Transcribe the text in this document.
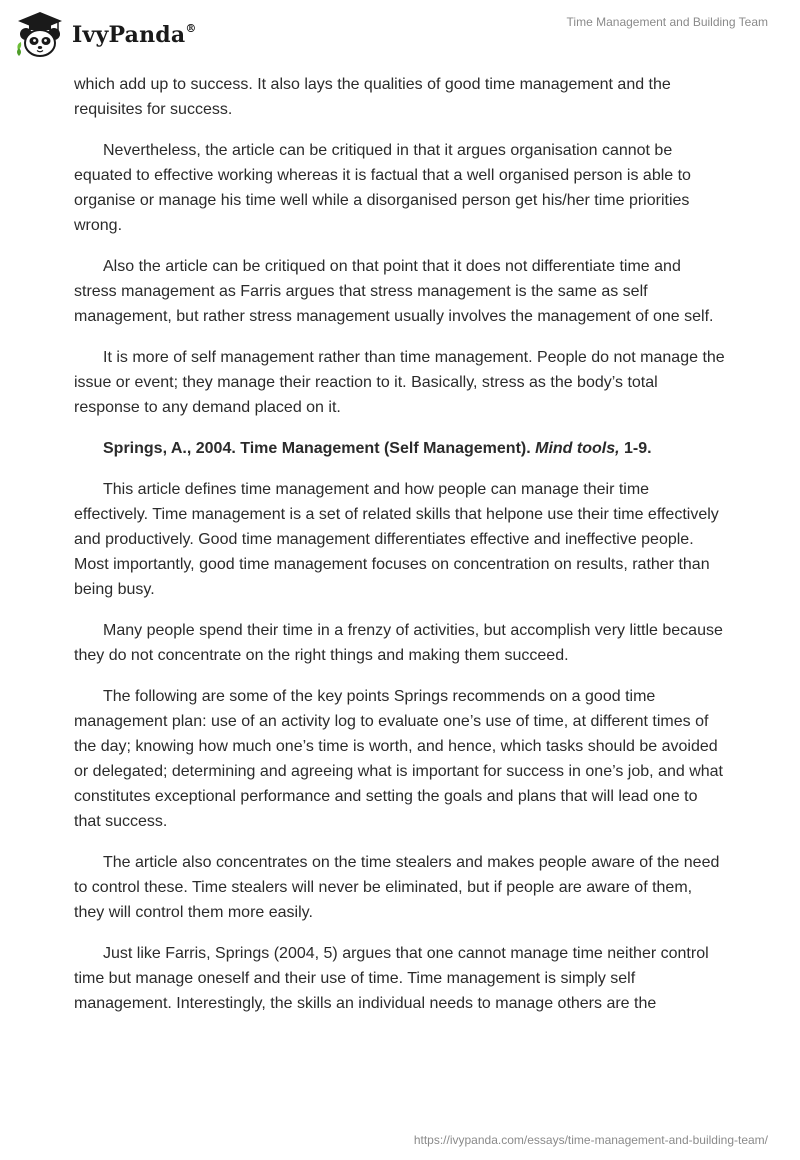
IvyPanda®	Time Management and Building Team

which add up to success. It also lays the qualities of good time management and the requisites for success.

Nevertheless, the article can be critiqued in that it argues organisation cannot be equated to effective working whereas it is factual that a well organised person is able to organise or manage his time well while a disorganised person get his/her time priorities wrong.

Also the article can be critiqued on that point that it does not differentiate time and stress management as Farris argues that stress management is the same as self management, but rather stress management usually involves the management of one self.

It is more of self management rather than time management. People do not manage the issue or event; they manage their reaction to it. Basically, stress as the body’s total response to any demand placed on it.

Springs, A., 2004. Time Management (Self Management). Mind tools, 1-9.

This article defines time management and how people can manage their time effectively. Time management is a set of related skills that helpone use their time effectively and productively. Good time management differentiates effective and ineffective people. Most importantly, good time management focuses on concentration on results, rather than being busy.

Many people spend their time in a frenzy of activities, but accomplish very little because they do not concentrate on the right things and making them succeed.

The following are some of the key points Springs recommends on a good time management plan: use of an activity log to evaluate one’s use of time, at different times of the day; knowing how much one’s time is worth, and hence, which tasks should be avoided or delegated; determining and agreeing what is important for success in one’s job, and what constitutes exceptional performance and setting the goals and plans that will lead one to that success.

The article also concentrates on the time stealers and makes people aware of the need to control these. Time stealers will never be eliminated, but if people are aware of them, they will control them more easily.

Just like Farris, Springs (2004, 5) argues that one cannot manage time neither control time but manage oneself and their use of time. Time management is simply self management. Interestingly, the skills an individual needs to manage others are the

https://ivypanda.com/essays/time-management-and-building-team/
